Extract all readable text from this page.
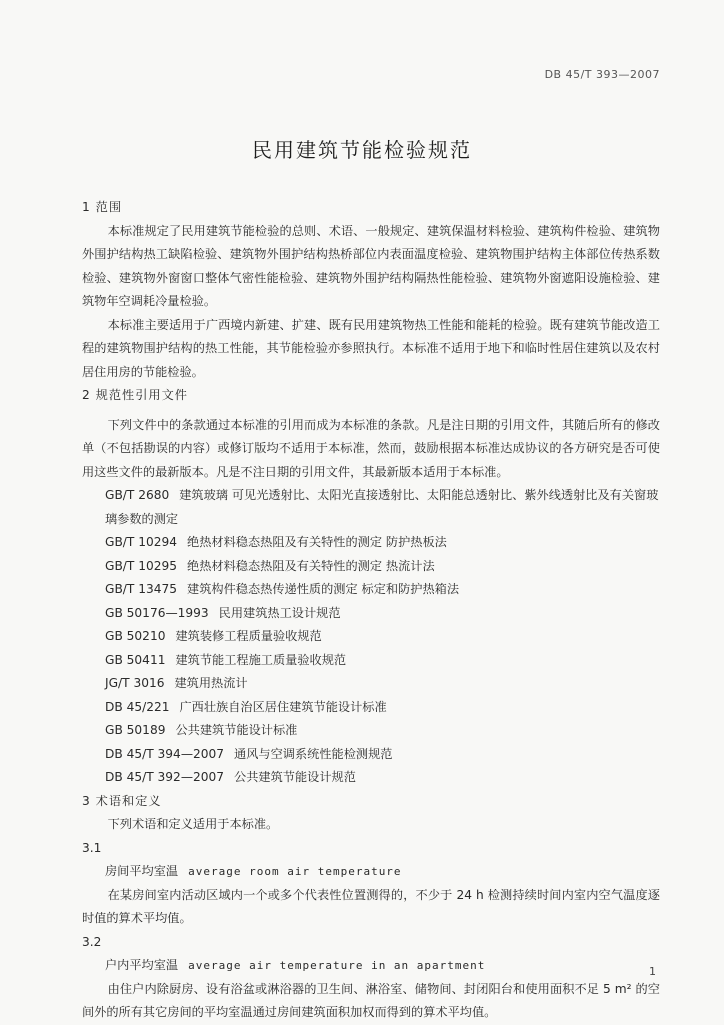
DB 45/T 393—2007
民用建筑节能检验规范

1 范围

本标准规定了民用建筑节能检验的总则、术语、一般规定、建筑保温材料检验、建筑构件检验、建筑物外围护结构热工缺陷检验、建筑物外围护结构热桥部位内表面温度检验、建筑物围护结构主体部位传热系数检验、建筑物外窗窗口整体气密性能检验、建筑物外围护结构隔热性能检验、建筑物外窗遮阳设施检验、建筑物年空调耗冷量检验。

本标准主要适用于广西境内新建、扩建、既有民用建筑物热工性能和能耗的检验。既有建筑节能改造工程的建筑物围护结构的热工性能，其节能检验亦参照执行。本标准不适用于地下和临时性居住建筑以及农村居住用房的节能检验。

2 规范性引用文件

下列文件中的条款通过本标准的引用而成为本标准的条款。凡是注日期的引用文件，其随后所有的修改单（不包括勘误的内容）或修订版均不适用于本标准，然而，鼓励根据本标准达成协议的各方研究是否可使用这些文件的最新版本。凡是不注日期的引用文件，其最新版本适用于本标准。

GB/T 2680 建筑玻璃 可见光透射比、太阳光直接透射比、太阳能总透射比、紫外线透射比及有关窗玻璃参数的测定

GB/T 10294 绝热材料稳态热阻及有关特性的测定 防护热板法

GB/T 10295 绝热材料稳态热阻及有关特性的测定 热流计法

GB/T 13475 建筑构件稳态热传递性质的测定 标定和防护热箱法

GB 50176—1993 民用建筑热工设计规范

GB 50210 建筑装修工程质量验收规范

GB 50411 建筑节能工程施工质量验收规范

JG/T 3016 建筑用热流计

DB 45/221 广西壮族自治区居住建筑节能设计标准

GB 50189 公共建筑节能设计标准

DB 45/T 394—2007 通风与空调系统性能检测规范

DB 45/T 392—2007 公共建筑节能设计规范

3 术语和定义

下列术语和定义适用于本标准。

3.1

房间平均室温 average room air temperature

在某房间室内活动区域内一个或多个代表性位置测得的，不少于 24 h 检测持续时间内室内空气温度逐时值的算术平均值。

3.2

户内平均室温 average air temperature in an apartment

由住户内除厨房、设有浴盆或淋浴器的卫生间、淋浴室、储物间、封闭阳台和使用面积不足 5 m² 的空间外的所有其它房间的平均室温通过房间建筑面积加权而得到的算术平均值。

1
